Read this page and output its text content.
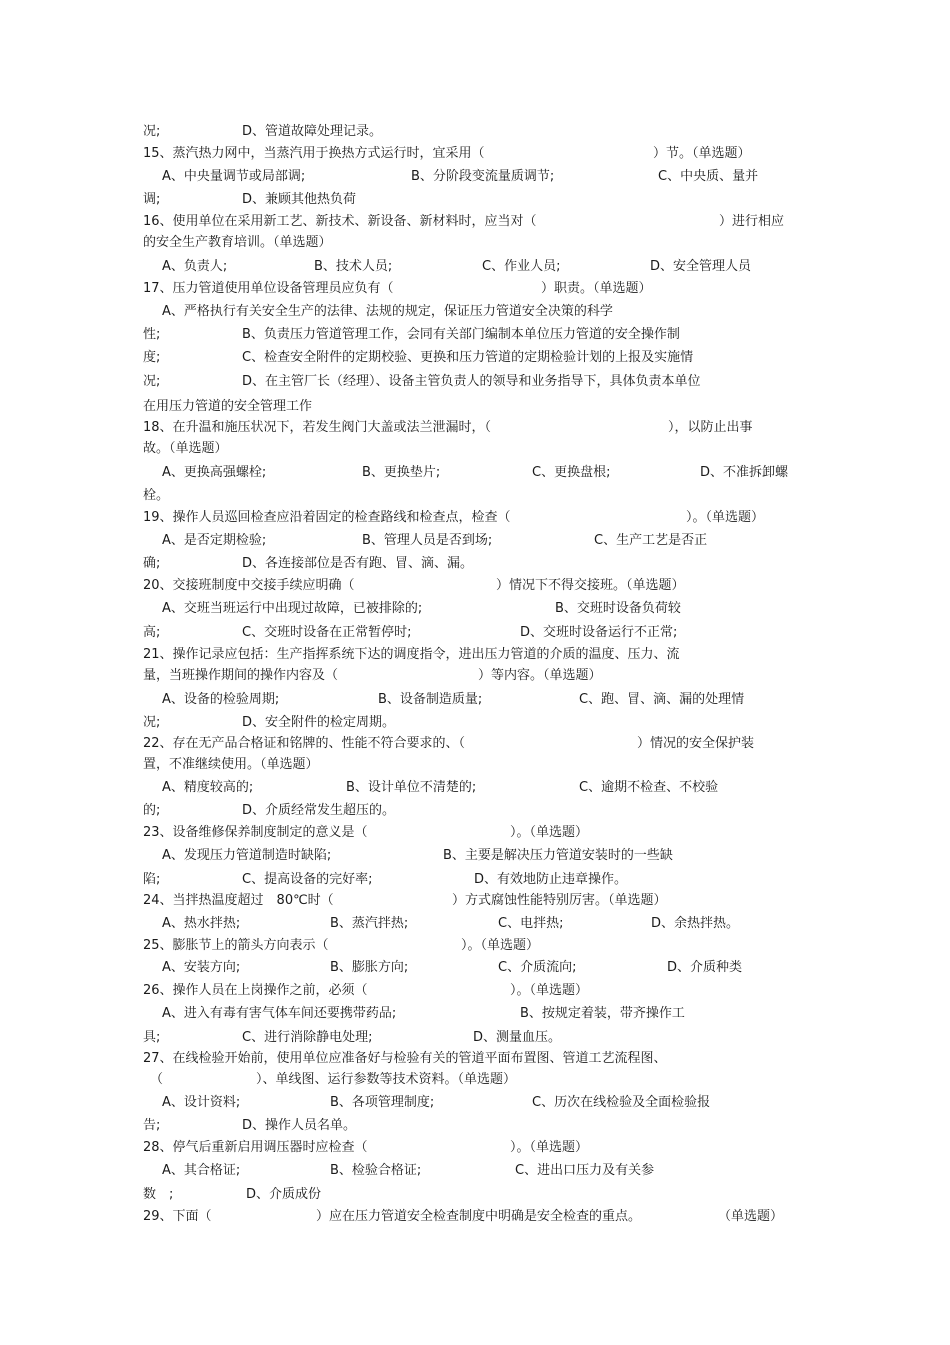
况;	D、管道故障处理记录。
15、蒸汽热力网中，当蒸汽用于换热方式运行时，宜采用（	）节。（单选题）
A、中央量调节或局部调;	B、分阶段变流量质调节;	C、中央质、量并
调;	D、兼顾其他热负荷
16、使用单位在采用新工艺、新技术、新设备、新材料时，应当对（	）进行相应
的安全生产教育培训。（单选题）
A、负责人;	B、技术人员;	C、作业人员;	D、安全管理人员
17、压力管道使用单位设备管理员应负有（	）职责。（单选题）
A、严格执行有关安全生产的法律、法规的规定，保证压力管道安全决策的科学
性;	B、负责压力管道管理工作，会同有关部门编制本单位压力管道的安全操作制
度;	C、检查安全附件的定期校验、更换和压力管道的定期检验计划的上报及实施情
况;	D、在主管厂长（经理）、设备主管负责人的领导和业务指导下，具体负责本单位
在用压力管道的安全管理工作
18、在升温和施压状况下，若发生阀门大盖或法兰泄漏时，（	），以防止出事
故。（单选题）
A、更换高强螺栓;	B、更换垫片;	C、更换盘根;	D、不准拆卸螺
栓。
19、操作人员巡回检查应沿着固定的检查路线和检查点，检查（	）。（单选题）
A、是否定期检验;	B、管理人员是否到场;	C、生产工艺是否正
确;	D、各连接部位是否有跑、冒、滴、漏。
20、交接班制度中交接手续应明确（	）情况下不得交接班。（单选题）
A、交班当班运行中出现过故障，已被排除的;	B、交班时设备负荷较
高;	C、交班时设备在正常暂停时;	D、交班时设备运行不正常;
21、操作记录应包括：生产指挥系统下达的调度指令，进出压力管道的介质的温度、压力、流
量，当班操作期间的操作内容及（	）等内容。（单选题）
A、设备的检验周期;	B、设备制造质量;	C、跑、冒、滴、漏的处理情
况;	D、安全附件的检定周期。
22、存在无产品合格证和铭牌的、性能不符合要求的、（	）情况的安全保护装
置，不准继续使用。（单选题）
A、精度较高的;	B、设计单位不清楚的;	C、逾期不检查、不校验
的;	D、介质经常发生超压的。
23、设备维修保养制度制定的意义是（	）。（单选题）
A、发现压力管道制造时缺陷;	B、主要是解决压力管道安装时的一些缺
陷;	C、提高设备的完好率;	D、有效地防止违章操作。
24、当拌热温度超过　80℃时（	）方式腐蚀性能特别厉害。（单选题）
A、热水拌热;	B、蒸汽拌热;	C、电拌热;	D、余热拌热。
25、膨胀节上的箭头方向表示（	）。（单选题）
A、安装方向;	B、膨胀方向;	C、介质流向;	D、介质种类
26、操作人员在上岗操作之前，必须（	）。（单选题）
A、进入有毒有害气体车间还要携带药品;	B、按规定着装，带齐操作工
具;	C、进行消除静电处理;	D、测量血压。
27、在线检验开始前，使用单位应准备好与检验有关的管道平面布置图、管道工艺流程图、
（	）、单线图、运行参数等技术资料。（单选题）
A、设计资料;	B、各项管理制度;	C、历次在线检验及全面检验报
告;	D、操作人员名单。
28、停气后重新启用调压器时应检查（	）。（单选题）
A、其合格证;	B、检验合格证;	C、进出口压力及有关参
数　;	D、介质成份
29、下面（	）应在压力管道安全检查制度中明确是安全检查的重点。	（单选题）
